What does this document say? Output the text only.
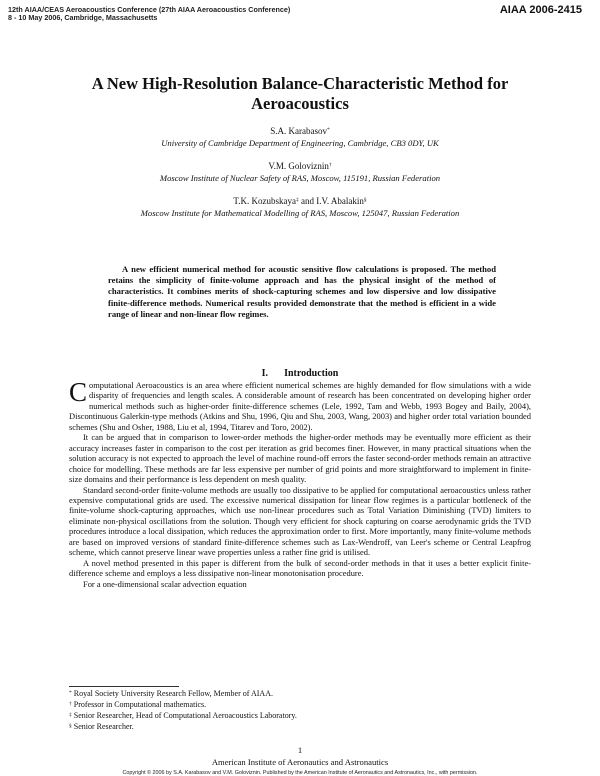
12th AIAA/CEAS Aeroacoustics Conference (27th AIAA Aeroacoustics Conference)
8 - 10 May 2006, Cambridge, Massachusetts
AIAA 2006-2415
A New High-Resolution Balance-Characteristic Method for
Aeroacoustics
S.A. Karabasov*
University of Cambridge Department of Engineering, Cambridge, CB3 0DY, UK
V.M. Goloviznin†
Moscow Institute of Nuclear Safety of RAS, Moscow, 115191, Russian Federation
T.K. Kozubskaya‡ and I.V. Abalakin§
Moscow Institute for Mathematical Modelling of RAS, Moscow, 125047, Russian Federation
A new efficient numerical method for acoustic sensitive flow calculations is proposed. The method retains the simplicity of finite-volume approach and has the physical insight of the method of characteristics. It combines merits of shock-capturing schemes and low dispersive and low dissipative finite-difference methods. Numerical results provided demonstrate that the method is efficient in a wide range of linear and non-linear flow regimes.
I. Introduction

Computational Aeroacoustics is an area where efficient numerical schemes are highly demanded for flow simulations with a wide disparity of frequencies and length scales. A considerable amount of research has been concentrated on developing higher order numerical methods such as higher-order finite-difference schemes (Lele, 1992, Tam and Webb, 1993 Bogey and Baily, 2004), Discontinuous Galerkin-type methods (Atkins and Shu, 1996, Qiu and Shu, 2003, Wang, 2003) and higher order total variation bounded schemes (Shu and Osher, 1988, Liu et al, 1994, Titarev and Toro, 2002).

It can be argued that in comparison to lower-order methods the higher-order methods may be eventually more efficient as their accuracy increases faster in comparison to the cost per iteration as grid becomes finer. However, in many practical situations when the solution accuracy is not expected to approach the level of machine round-off errors the faster second-order methods remain an attractive choice for modelling. These methods are far less expensive per number of grid points and more straightforward to implement in finite-size domains and their performance is less dependent on mesh quality.

Standard second-order finite-volume methods are usually too dissipative to be applied for computational aeroacoustics unless rather expensive computational grids are used. The excessive numerical dissipation for linear flow regimes is a particular bottleneck of the finite-volume shock-capturing approaches, which use non-linear procedures such as Total Variation Diminishing (TVD) limiters to eliminate non-physical oscillations from the solution. Though very efficient for shock capturing on coarse aerodynamic grids the TVD procedures introduce a local dissipation, which reduces the approximation order to first. More importantly, many finite-volume methods are based on improved versions of standard finite-difference schemes such as Lax-Wendroff, van Leer's scheme or Central Leapfrog scheme, which cannot preserve linear wave properties unless a rather fine grid is utilised.

A novel method presented in this paper is different from the bulk of second-order methods in that it uses a better explicit finite-difference scheme and employs a less dissipative non-linear monotonisation procedure.

For a one-dimensional scalar advection equation

* Royal Society University Research Fellow, Member of AIAA.
† Professor in Computational mathematics.
‡ Senior Researcher, Head of Computational Aeroacoustics Laboratory.
§ Senior Researcher.
1
American Institute of Aeronautics and Astronautics
Copyright © 2006 by S.A. Karabasov and V.M. Goloviznin. Published by the American Institute of Aeronautics and Astronautics, Inc., with permission.
